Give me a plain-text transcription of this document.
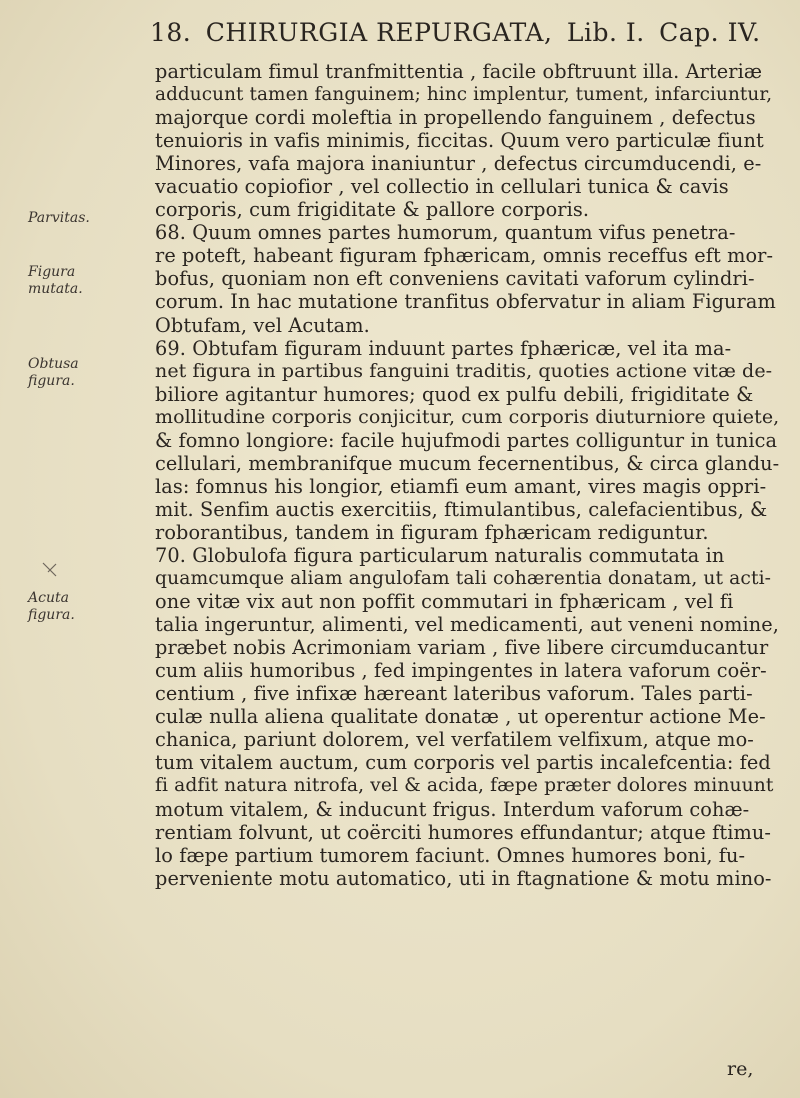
18. CHIRURGIA REPURGATA, Lib. I. Cap. IV.
Parvitas.
Figura mutata.
Obtusa figura.
Acuta figura.
particulam fimul tranfmittentia , facile obftruunt illa. Arteriæ
adducunt tamen fanguinem; hinc implentur, tument, infarciuntur,
majorque cordi moleftia in propellendo fanguinem , defectus
tenuioris in vafis minimis, ficcitas. Quum vero particulæ fiunt
Minores, vafa majora inaniuntur , defectus circumducendi, e-
vacuatio copiofior , vel collectio in cellulari tunica & cavis
corporis, cum frigiditate & pallore corporis.
68. Quum omnes partes humorum, quantum vifus penetra-
re poteft, habeant figuram fphæricam, omnis receffus eft mor-
bofus, quoniam non eft conveniens cavitati vaforum cylindri-
corum. In hac mutatione tranfitus obfervatur in aliam Figuram
Obtufam, vel Acutam.
69. Obtufam figuram induunt partes fphæricæ, vel ita ma-
net figura in partibus fanguini traditis, quoties actione vitæ de-
biliore agitantur humores; quod ex pulfu debili, frigiditate &
mollitudine corporis conjicitur, cum corporis diuturniore quiete,
& fomno longiore: facile hujufmodi partes colliguntur in tunica
cellulari, membranifque mucum fecernentibus, & circa glandu-
las: fomnus his longior, etiamfi eum amant, vires magis oppri-
mit. Senfim auctis exercitiis, ftimulantibus, calefacientibus, &
roborantibus, tandem in figuram fphæricam rediguntur.
70. Globulofa figura particularum naturalis commutata in
quamcumque aliam angulofam tali cohærentia donatam, ut acti-
one vitæ vix aut non poffit commutari in fphæricam , vel fi
talia ingeruntur, alimenti, vel medicamenti, aut veneni nomine,
præbet nobis Acrimoniam variam , five libere circumducantur
cum aliis humoribus , fed impingentes in latera vaforum coër-
centium , five infixæ hæreant lateribus vaforum. Tales parti-
culæ nulla aliena qualitate donatæ , ut operentur actione Me-
chanica, pariunt dolorem, vel verfatilem velfixum, atque mo-
tum vitalem auctum, cum corporis vel partis incalefcentia: fed
fi adfit natura nitrofa, vel & acida, fæpe præter dolores minuunt
motum vitalem, & inducunt frigus. Interdum vaforum cohæ-
rentiam folvunt, ut coërciti humores effundantur; atque ftimu-
lo fæpe partium tumorem faciunt. Omnes humores boni, fu-
perveniente motu automatico, uti in ftagnatione & motu mino-
re,
